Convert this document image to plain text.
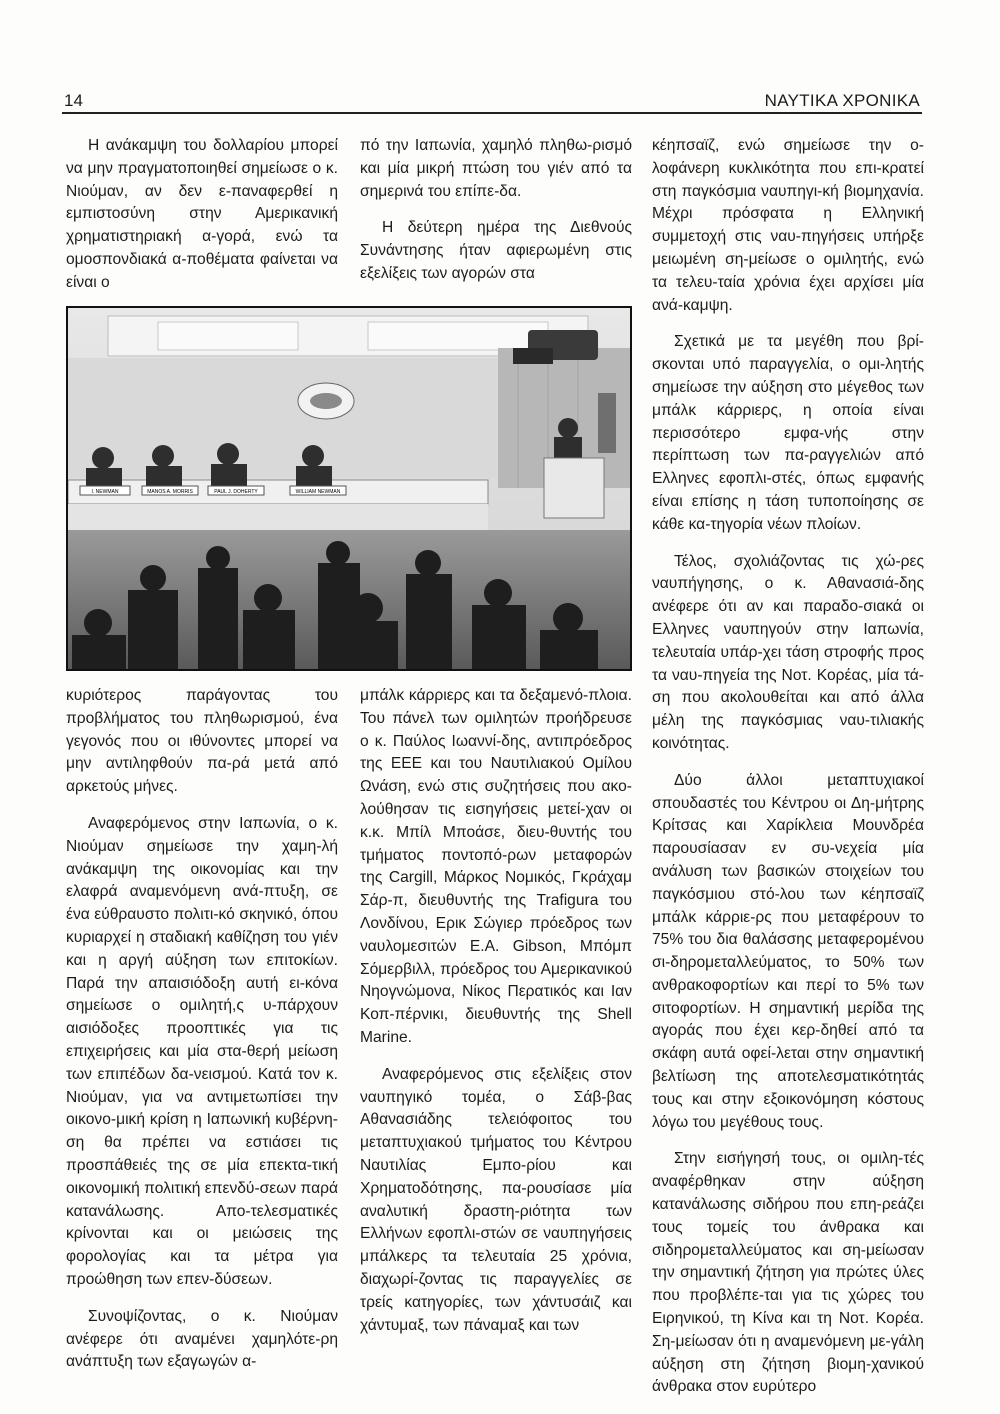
14	ΝΑΥΤΙΚΑ ΧΡΟΝΙΚΑ

Η ανάκαμψη του δολλαρίου μπορεί να μην πραγματοποιηθεί σημείωσε ο κ. Νιούμαν, αν δεν ε-παναφερθεί η εμπιστοσύνη στην Αμερικανική χρηματιστηριακή α-γορά, ενώ τα ομοσπονδιακά α-ποθέματα φαίνεται να είναι ο

πό την Ιαπωνία, χαμηλό πληθω-ρισμό και μία μικρή πτώση του γιέν από τα σημερινά του επίπε-δα.

Η δεύτερη ημέρα της Διεθνούς Συνάντησης ήταν αφιερωμένη στις εξελίξεις των αγορών στα

κέηπσαϊζ, ενώ σημείωσε την ο-λοφάνερη κυκλικότητα που επι-κρατεί στη παγκόσμια ναυπηγι-κή βιομηχανία. Μέχρι πρόσφατα η Ελληνική συμμετοχή στις ναυ-πηγήσεις υπήρξε μειωμένη ση-μείωσε ο ομιλητής, ενώ τα τελευ-ταία χρόνια έχει αρχίσει μία ανά-καμψη.

Σχετικά με τα μεγέθη που βρί-σκονται υπό παραγγελία, ο ομι-λητής σημείωσε την αύξηση στο μέγεθος των μπάλκ κάρριερς, η οποία είναι περισσότερο εμφα-νής στην περίπτωση των πα-ραγγελιών από Ελληνες εφοπλι-στές, όπως εμφανής είναι επίσης η τάση τυποποίησης σε κάθε κα-τηγορία νέων πλοίων.

Τέλος, σχολιάζοντας τις χώ-ρες ναυπήγησης, ο κ. Αθανασιά-δης ανέφερε ότι αν και παραδο-σιακά οι Ελληνες ναυπηγούν στην Ιαπωνία, τελευταία υπάρ-χει τάση στροφής προς τα ναυ-πηγεία της Νοτ. Κορέας, μία τά-ση που ακολουθείται και από άλλα μέλη της παγκόσμιας ναυ-τιλιακής κοινότητας.

Δύο άλλοι μεταπτυχιακοί σπουδαστές του Κέντρου οι Δη-μήτρης Κρίτσας και Χαρίκλεια Μουνδρέα παρουσίασαν εν συ-νεχεία μία ανάλυση των βασικών στοιχείων του παγκόσμιου στό-λου των κέηπσαϊζ μπάλκ κάρριε-ρς που μεταφέρουν το 75% του δια θαλάσσης μεταφερομένου σι-δηρομεταλλεύματος, το 50% των ανθρακοφορτίων και περί το 5% των σιτοφορτίων. Η σημαντική μερίδα της αγοράς που έχει κερ-δηθεί από τα σκάφη αυτά οφεί-λεται στην σημαντική βελτίωση της αποτελεσματικότητάς τους και στην εξοικονόμηση κόστους λόγω του μεγέθους τους.

Στην εισήγησή τους, οι ομιλη-τές αναφέρθηκαν στην αύξηση κατανάλωσης σιδήρου που επη-ρεάζει τους τομείς του άνθρακα και σιδηρομεταλλεύματος και ση-μείωσαν την σημαντική ζήτηση για πρώτες ύλες που προβλέπε-ται για τις χώρες του Ειρηνικού, τη Κίνα και τη Νοτ. Κορέα. Ση-μείωσαν ότι η αναμενόμενη με-γάλη αύξηση στη ζήτηση βιομη-χανικού άνθρακα στον ευρύτερο

I. NEWMAN	MANOS A. MORRIS	PAUL J. DOHERTY	WILLIAM NEWMAN

κυριότερος παράγοντας του προβλήματος του πληθωρισμού, ένα γεγονός που οι ιθύνοντες μπορεί να μην αντιληφθούν πα-ρά μετά από αρκετούς μήνες.

Αναφερόμενος στην Ιαπωνία, ο κ. Νιούμαν σημείωσε την χαμη-λή ανάκαμψη της οικονομίας και την ελαφρά αναμενόμενη ανά-πτυξη, σε ένα εύθραυστο πολιτι-κό σκηνικό, όπου κυριαρχεί η σταδιακή καθίζηση του γιέν και η αργή αύξηση των επιτοκίων. Παρά την απαισιόδοξη αυτή ει-κόνα σημείωσε ο ομιλητή,ς υ-πάρχουν αισιόδοξες προοπτικές για τις επιχειρήσεις και μία στα-θερή μείωση των επιπέδων δα-νεισμού. Κατά τον κ. Νιούμαν, για να αντιμετωπίσει την οικονο-μική κρίση η Ιαπωνική κυβέρνη-ση θα πρέπει να εστιάσει τις προσπάθειές της σε μία επεκτα-τική οικονομική πολιτική επενδύ-σεων παρά κατανάλωσης. Απο-τελεσματικές κρίνονται και οι μειώσεις της φορολογίας και τα μέτρα για προώθηση των επεν-δύσεων.

Συνοψίζοντας, ο κ. Νιούμαν ανέφερε ότι αναμένει χαμηλότε-ρη ανάπτυξη των εξαγωγών α-

μπάλκ κάρριερς και τα δεξαμενό-πλοια. Του πάνελ των ομιλητών προήδρευσε ο κ. Παύλος Ιωαννί-δης, αντιπρόεδρος της ΕΕΕ και του Ναυτιλιακού Ομίλου Ωνάση, ενώ στις συζητήσεις που ακο-λούθησαν τις εισηγήσεις μετεί-χαν οι κ.κ. Μπίλ Μποάσε, διευ-θυντής του τμήματος ποντοπό-ρων μεταφορών της Cargill, Μάρκος Νομικός, Γκράχαμ Σάρ-π, διευθυντής της Trafigura του Λονδίνου, Ερικ Σώγιερ πρόεδρος των ναυλομεσιτών E.A. Gibson, Μπόμπ Σόμερβιλλ, πρόεδρος του Αμερικανικού Νηογνώμονα, Νίκος Περατικός και Ιαν Κοπ-πέρνικι, διευθυντής της Shell Marine.

Αναφερόμενος στις εξελίξεις στον ναυπηγικό τομέα, ο Σάβ-βας Αθανασιάδης τελειόφοιτος του μεταπτυχιακού τμήματος του Κέντρου Ναυτιλίας Εμπο-ρίου και Χρηματοδότησης, πα-ρουσίασε μία αναλυτική δραστη-ριότητα των Ελλήνων εφοπλι-στών σε ναυπηγήσεις μπάλκερς τα τελευταία 25 χρόνια, διαχωρί-ζοντας τις παραγγελίες σε τρείς κατηγορίες, των χάντυσάιζ και χάντυμαξ, των πάναμαξ και των
